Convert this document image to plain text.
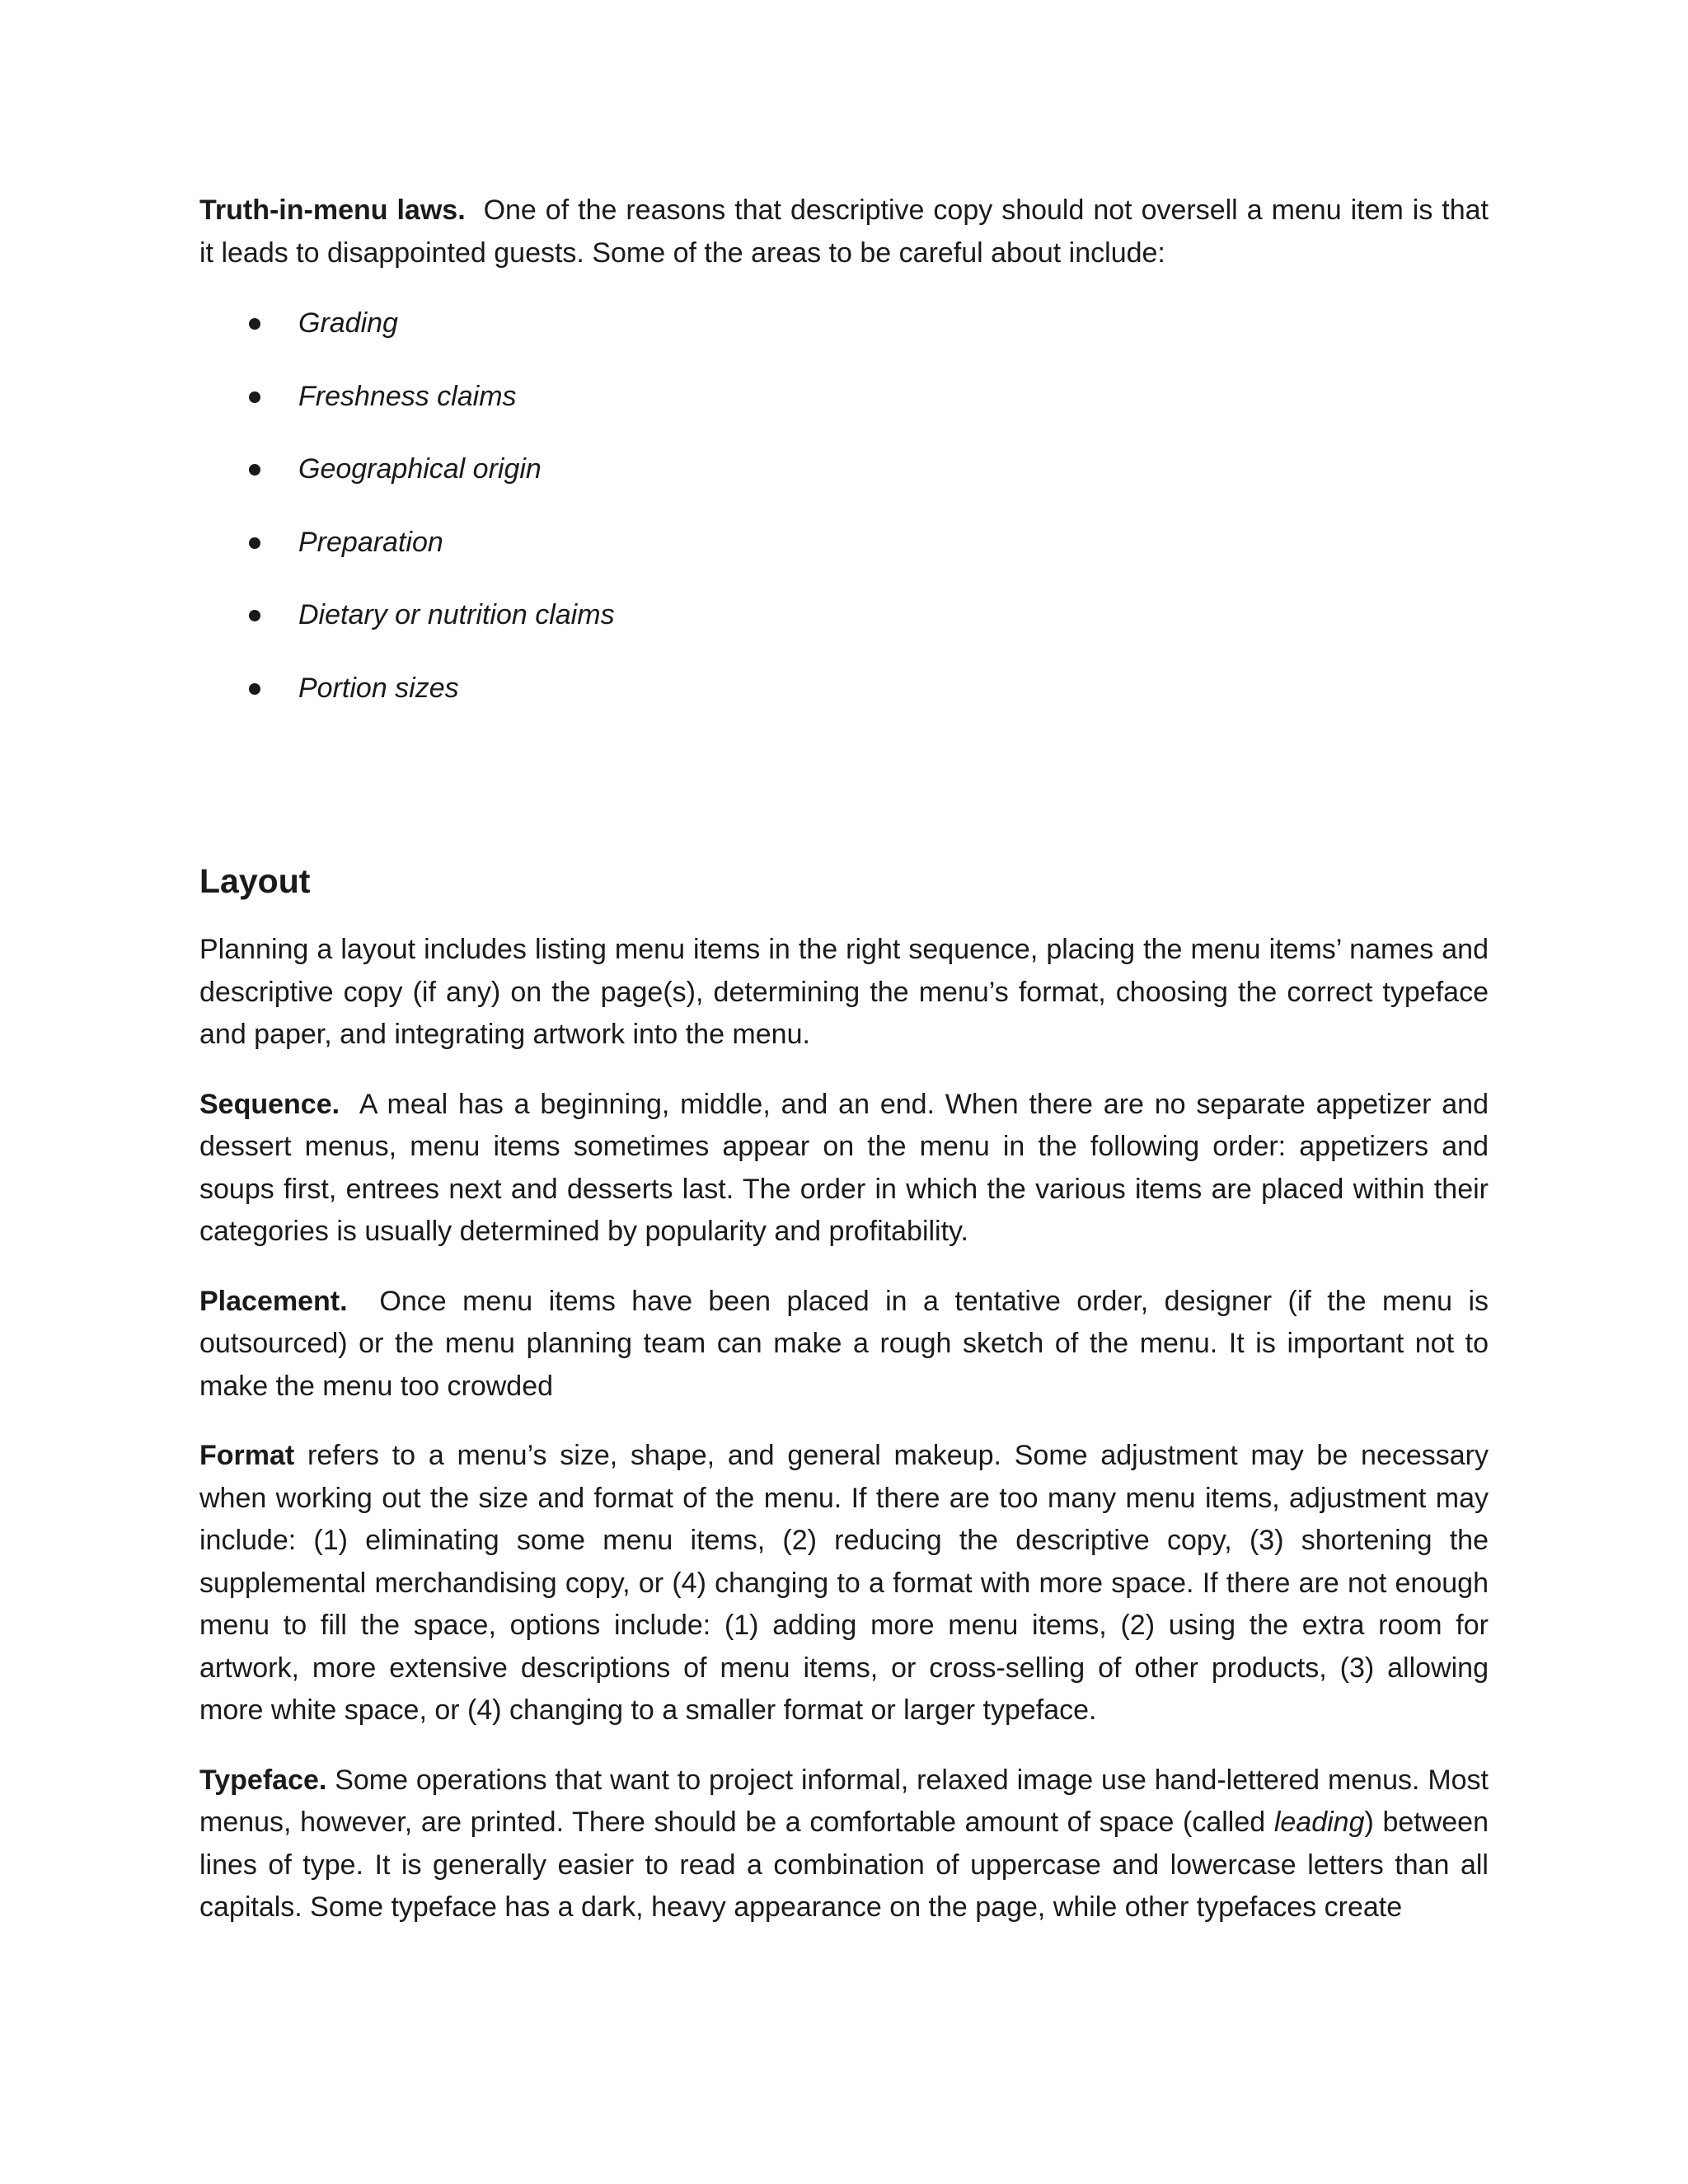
Truth-in-menu laws. One of the reasons that descriptive copy should not oversell a menu item is that it leads to disappointed guests. Some of the areas to be careful about include:

Grading
Freshness claims
Geographical origin
Preparation
Dietary or nutrition claims
Portion sizes
Layout

Planning a layout includes listing menu items in the right sequence, placing the menu items’ names and descriptive copy (if any) on the page(s), determining the menu’s format, choosing the correct typeface and paper, and integrating artwork into the menu.

Sequence. A meal has a beginning, middle, and an end. When there are no separate appetizer and dessert menus, menu items sometimes appear on the menu in the following order: appetizers and soups first, entrees next and desserts last. The order in which the various items are placed within their categories is usually determined by popularity and profitability.

Placement. Once menu items have been placed in a tentative order, designer (if the menu is outsourced) or the menu planning team can make a rough sketch of the menu. It is important not to make the menu too crowded

Format refers to a menu’s size, shape, and general makeup. Some adjustment may be necessary when working out the size and format of the menu. If there are too many menu items, adjustment may include: (1) eliminating some menu items, (2) reducing the descriptive copy, (3) shortening the supplemental merchandising copy, or (4) changing to a format with more space. If there are not enough menu to fill the space, options include: (1) adding more menu items, (2) using the extra room for artwork, more extensive descriptions of menu items, or cross-selling of other products, (3) allowing more white space, or (4) changing to a smaller format or larger typeface.

Typeface. Some operations that want to project informal, relaxed image use hand-lettered menus. Most menus, however, are printed. There should be a comfortable amount of space (called leading) between lines of type. It is generally easier to read a combination of uppercase and lowercase letters than all capitals. Some typeface has a dark, heavy appearance on the page, while other typefaces create
